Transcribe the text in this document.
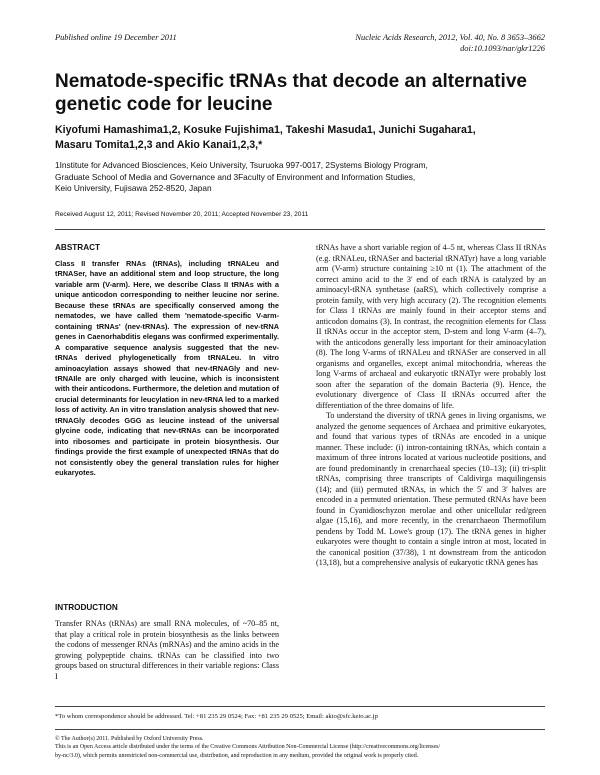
Published online 19 December 2011	Nucleic Acids Research, 2012, Vol. 40, No. 8 3653–3662
doi:10.1093/nar/gkr1226
Nematode-specific tRNAs that decode an alternative genetic code for leucine
Kiyofumi Hamashima1,2, Kosuke Fujishima1, Takeshi Masuda1, Junichi Sugahara1,
Masaru Tomita1,2,3 and Akio Kanai1,2,3,*
1Institute for Advanced Biosciences, Keio University, Tsuruoka 997-0017, 2Systems Biology Program,
Graduate School of Media and Governance and 3Faculty of Environment and Information Studies,
Keio University, Fujisawa 252-8520, Japan
Received August 12, 2011; Revised November 20, 2011; Accepted November 23, 2011
ABSTRACT

Class II transfer RNAs (tRNAs), including tRNALeu and tRNASer, have an additional stem and loop structure, the long variable arm (V-arm). Here, we describe Class II tRNAs with a unique anticodon corresponding to neither leucine nor serine. Because these tRNAs are specifically conserved among the nematodes, we have called them 'nematode-specific V-arm-containing tRNAs' (nev-tRNAs). The expression of nev-tRNA genes in Caenorhabditis elegans was confirmed experimentally. A comparative sequence analysis suggested that the nev-tRNAs derived phylogenetically from tRNALeu. In vitro aminoacylation assays showed that nev-tRNAGly and nev-tRNAIle are only charged with leucine, which is inconsistent with their anticodons. Furthermore, the deletion and mutation of crucial determinants for leucylation in nev-tRNA led to a marked loss of activity. An in vitro translation analysis showed that nev-tRNAGly decodes GGG as leucine instead of the universal glycine code, indicating that nev-tRNAs can be incorporated into ribosomes and participate in protein biosynthesis. Our findings provide the first example of unexpected tRNAs that do not consistently obey the general translation rules for higher eukaryotes.

INTRODUCTION

Transfer RNAs (tRNAs) are small RNA molecules, of ~70–85 nt, that play a critical role in protein biosynthesis as the links between the codons of messenger RNAs (mRNAs) and the amino acids in the growing polypeptide chains. tRNAs can be classified into two groups based on structural differences in their variable regions: Class I

tRNAs have a short variable region of 4–5 nt, whereas Class II tRNAs (e.g. tRNALeu, tRNASer and bacterial tRNATyr) have a long variable arm (V-arm) structure containing ≥10 nt (1). The attachment of the correct amino acid to the 3′ end of each tRNA is catalyzed by an aminoacyl-tRNA synthetase (aaRS), which collectively comprise a protein family, with very high accuracy (2). The recognition elements for Class I tRNAs are mainly found in their acceptor stems and anticodon domains (3). In contrast, the recognition elements for Class II tRNAs occur in the acceptor stem, D-stem and long V-arm (4–7), with the anticodons generally less important for their aminoacylation (8). The long V-arms of tRNALeu and tRNASer are conserved in all organisms and organelles, except animal mitochondria, whereas the long V-arms of archaeal and eukaryotic tRNATyr were probably lost soon after the separation of the domain Bacteria (9). Hence, the evolutionary divergence of Class II tRNAs occurred after the differentiation of the three domains of life.

To understand the diversity of tRNA genes in living organisms, we analyzed the genome sequences of Archaea and primitive eukaryotes, and found that various types of tRNAs are encoded in a unique manner. These include: (i) intron-containing tRNAs, which contain a maximum of three introns located at various nucleotide positions, and are found predominantly in crenarchaeal species (10–13); (ii) tri-split tRNAs, comprising three transcripts of Caldivirga maquilingensis (14); and (iii) permuted tRNAs, in which the 5′ and 3′ halves are encoded in a permuted orientation. These permuted tRNAs have been found in Cyanidioschyzon merolae and other unicellular red/green algae (15,16), and more recently, in the crenarchaeon Thermofilum pendens by Todd M. Lowe's group (17). The tRNA genes in higher eukaryotes were thought to contain a single intron at most, located in the canonical position (37/38), 1 nt downstream from the anticodon (13,18), but a comprehensive analysis of eukaryotic tRNA genes has

*To whom correspondence should be addressed. Tel: +81 235 29 0524; Fax: +81 235 29 0525; Email: akio@sfc.keio.ac.jp
© The Author(s) 2011. Published by Oxford University Press.
This is an Open Access article distributed under the terms of the Creative Commons Attribution Non-Commercial License (http://creativecommons.org/licenses/
by-nc/3.0), which permits unrestricted non-commercial use, distribution, and reproduction in any medium, provided the original work is properly cited.
